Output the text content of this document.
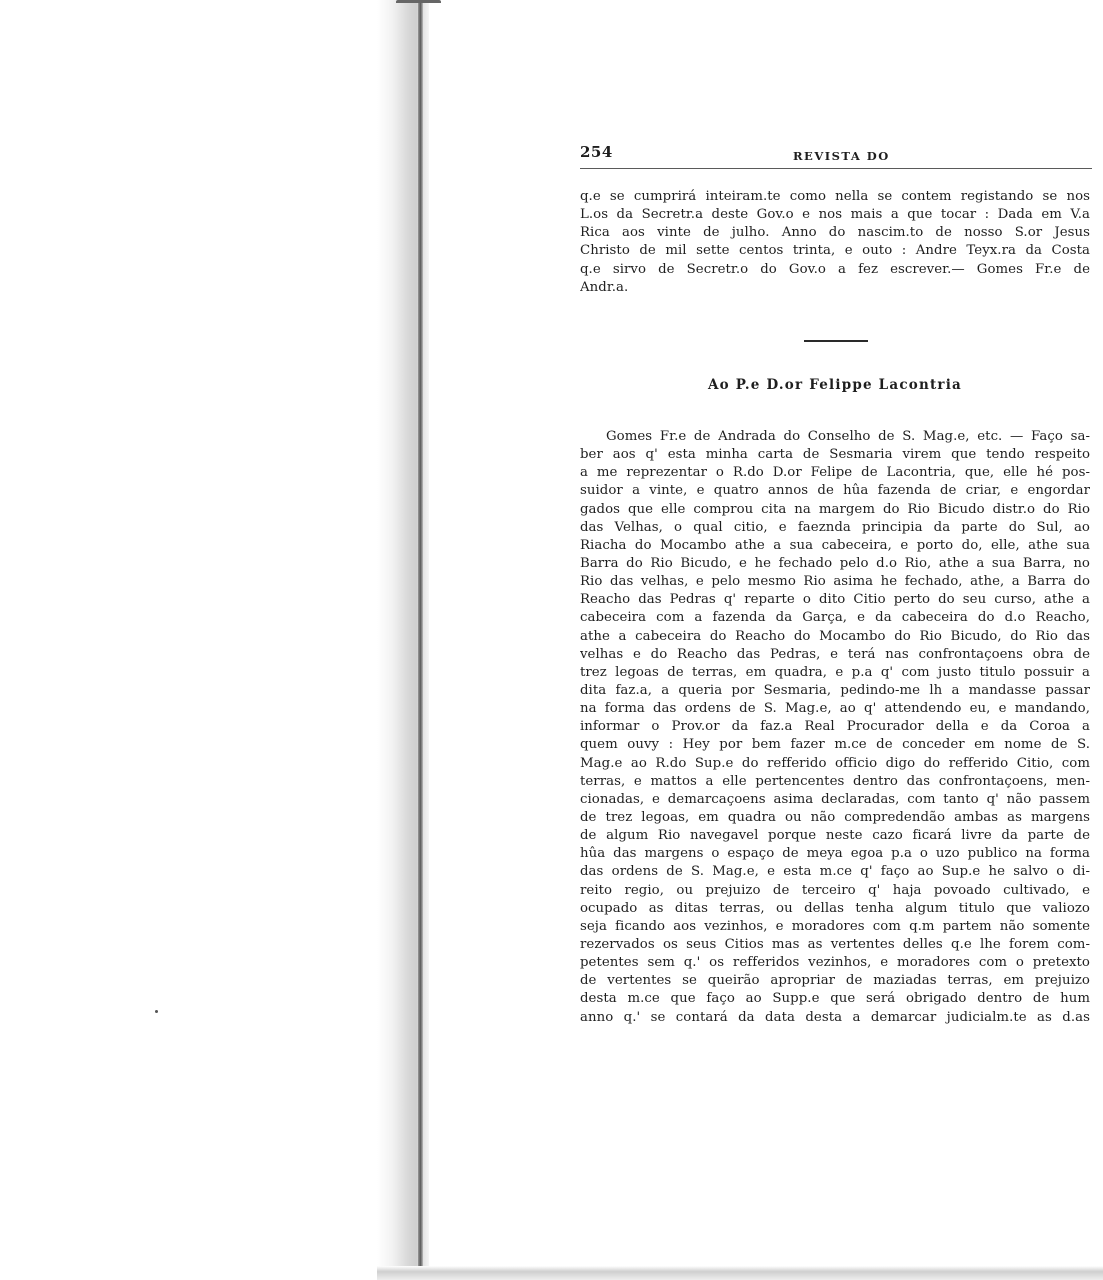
254	REVISTA DO
q.e se cumprirá inteiram.te como nella se contem registando se nos
L.os da Secretr.a deste Gov.o e nos mais a que tocar : Dada em V.a
Rica aos vinte de julho. Anno do nascim.to de nosso S.or Jesus
Christo de mil sette centos trinta, e outo : Andre Teyx.ra da Costa
q.e sirvo de Secretr.o do Gov.o a fez escrever.— Gomes Fr.e de
Andr.a.
Ao P.e D.or Felippe Lacontria
Gomes Fr.e de Andrada do Conselho de S. Mag.e, etc. — Faço sa-
ber aos q' esta minha carta de Sesmaria virem que tendo respeito
a me reprezentar o R.do D.or Felipe de Lacontria, que, elle hé pos-
suidor a vinte, e quatro annos de hûa fazenda de criar, e engordar
gados que elle comprou cita na margem do Rio Bicudo distr.o do Rio
das Velhas, o qual citio, e faeznda principia da parte do Sul, ao
Riacha do Mocambo athe a sua cabeceira, e porto do, elle, athe sua
Barra do Rio Bicudo, e he fechado pelo d.o Rio, athe a sua Barra, no
Rio das velhas, e pelo mesmo Rio asima he fechado, athe, a Barra do
Reacho das Pedras q' reparte o dito Citio perto do seu curso, athe a
cabeceira com a fazenda da Garça, e da cabeceira do d.o Reacho,
athe a cabeceira do Reacho do Mocambo do Rio Bicudo, do Rio das
velhas e do Reacho das Pedras, e terá nas confrontaçoens obra de
trez legoas de terras, em quadra, e p.a q' com justo titulo possuir a
dita faz.a, a queria por Sesmaria, pedindo-me lh a mandasse passar
na forma das ordens de S. Mag.e, ao q' attendendo eu, e mandando,
informar o Prov.or da faz.a Real Procurador della e da Coroa a
quem ouvy : Hey por bem fazer m.ce de conceder em nome de S.
Mag.e ao R.do Sup.e do refferido officio digo do refferido Citio, com
terras, e mattos a elle pertencentes dentro das confrontaçoens, men-
cionadas, e demarcaçoens asima declaradas, com tanto q' não passem
de trez legoas, em quadra ou não compredendão ambas as margens
de algum Rio navegavel porque neste cazo ficará livre da parte de
hûa das margens o espaço de meya egoa p.a o uzo publico na forma
das ordens de S. Mag.e, e esta m.ce q' faço ao Sup.e he salvo o di-
reito regio, ou prejuizo de terceiro q' haja povoado cultivado, e
ocupado as ditas terras, ou dellas tenha algum titulo que valiozo
seja ficando aos vezinhos, e moradores com q.m partem não somente
rezervados os seus Citios mas as vertentes delles q.e lhe forem com-
petentes sem q.' os refferidos vezinhos, e moradores com o pretexto
de vertentes se queirão apropriar de maziadas terras, em prejuizo
desta m.ce que faço ao Supp.e que será obrigado dentro de hum
anno q.' se contará da data desta a demarcar judicialm.te as d.as
